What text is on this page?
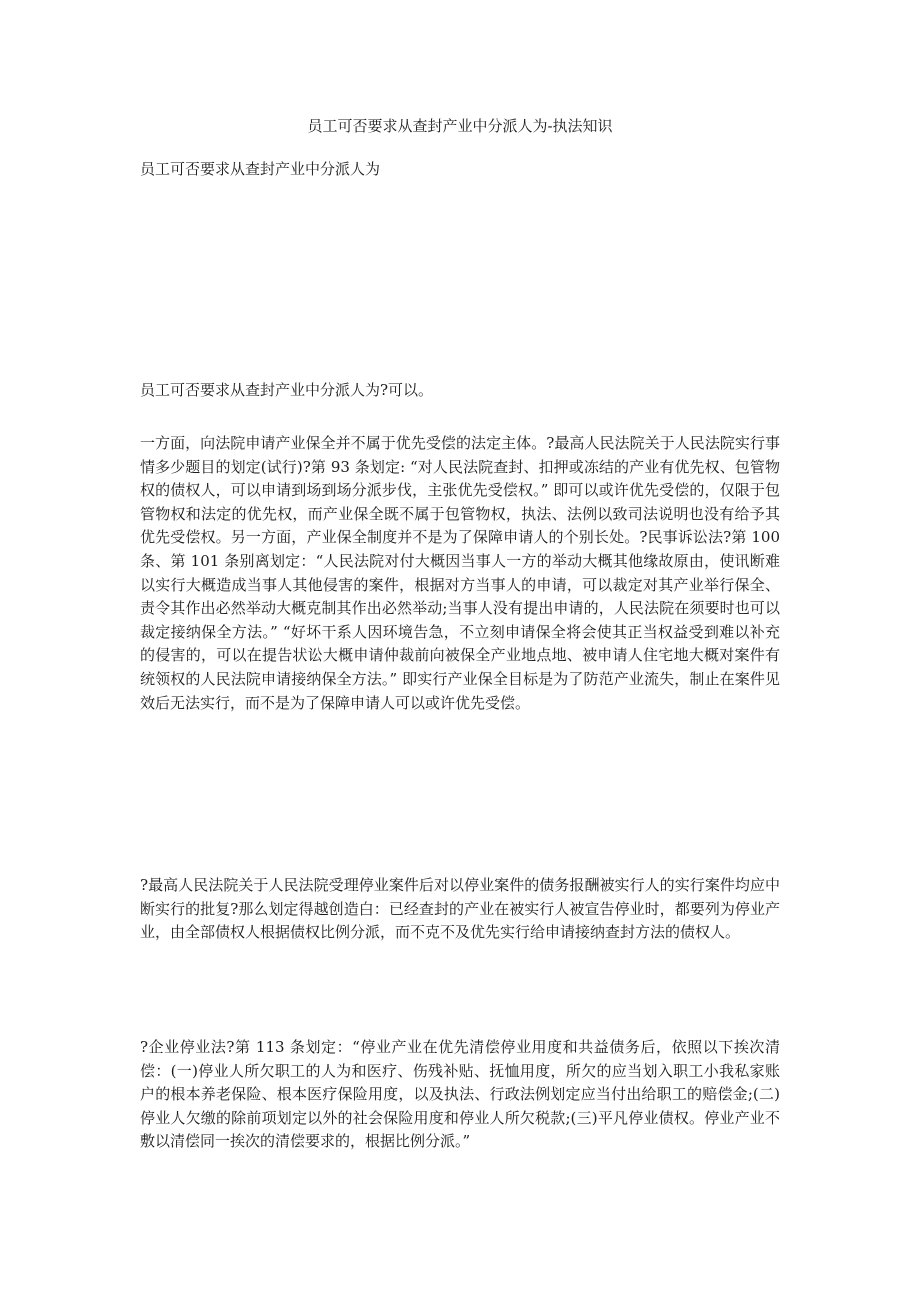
员工可否要求从查封产业中分派人为-执法知识
员工可否要求从查封产业中分派人为

员工可否要求从查封产业中分派人为?可以。

一方面，向法院申请产业保全并不属于优先受偿的法定主体。?最高人民法院关于人民法院实行事情多少题目的划定(试行)?第 93 条划定: “对人民法院查封、扣押或冻结的产业有优先权、包管物权的债权人，可以申请到场到场分派步伐，主张优先受偿权。” 即可以或许优先受偿的，仅限于包管物权和法定的优先权，而产业保全既不属于包管物权，执法、法例以致司法说明也没有给予其优先受偿权。另一方面，产业保全制度并不是为了保障申请人的个别长处。?民事诉讼法?第 100 条、第 101 条别离划定：“人民法院对付大概因当事人一方的举动大概其他缘故原由，使讯断难以实行大概造成当事人其他侵害的案件，根据对方当事人的申请，可以裁定对其产业举行保全、责令其作出必然举动大概克制其作出必然举动;当事人没有提出申请的，人民法院在须要时也可以裁定接纳保全方法。” “好坏干系人因环境告急，不立刻申请保全将会使其正当权益受到难以补充的侵害的，可以在提告状讼大概申请仲裁前向被保全产业地点地、被申请人住宅地大概对案件有统领权的人民法院申请接纳保全方法。” 即实行产业保全目标是为了防范产业流失，制止在案件见效后无法实行，而不是为了保障申请人可以或许优先受偿。

?最高人民法院关于人民法院受理停业案件后对以停业案件的债务报酬被实行人的实行案件均应中断实行的批复?那么划定得越创造白：已经查封的产业在被实行人被宣告停业时，都要列为停业产业，由全部债权人根据债权比例分派，而不克不及优先实行给申请接纳查封方法的债权人。

?企业停业法?第 113 条划定：“停业产业在优先清偿停业用度和共益债务后，依照以下挨次清偿：(一)停业人所欠职工的人为和医疗、伤残补贴、抚恤用度，所欠的应当划入职工小我私家账户的根本养老保险、根本医疗保险用度，以及执法、行政法例划定应当付出给职工的赔偿金;(二)停业人欠缴的除前项划定以外的社会保险用度和停业人所欠税款;(三)平凡停业债权。停业产业不敷以清偿同一挨次的清偿要求的，根据比例分派。”
